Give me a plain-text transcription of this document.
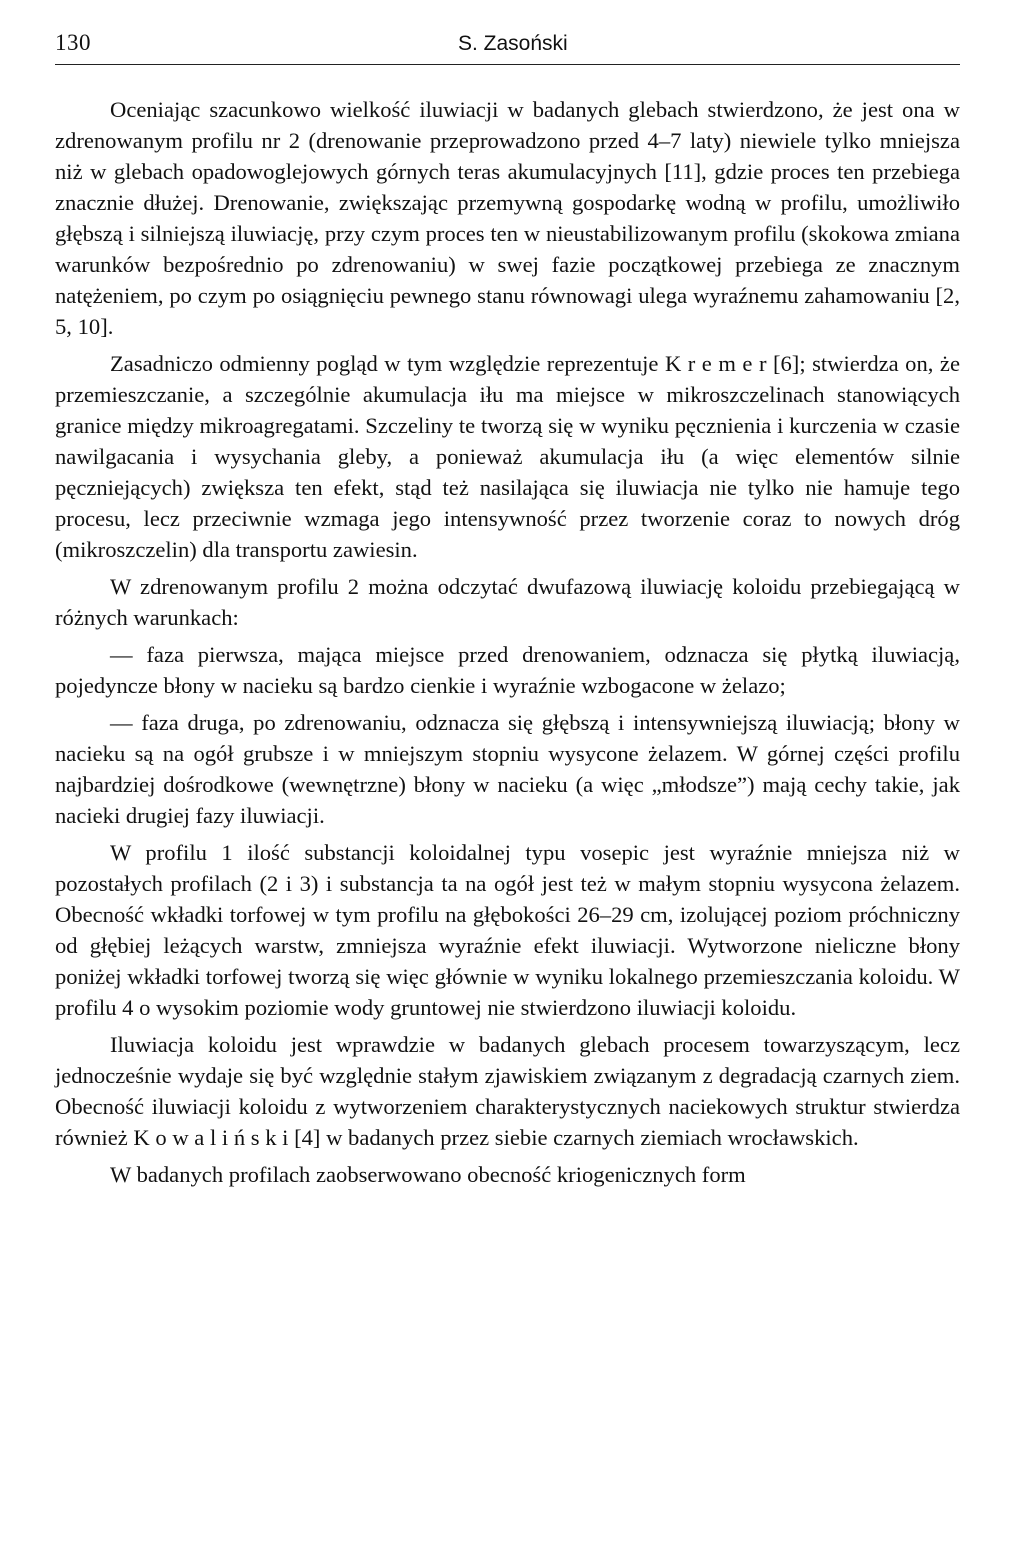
130	S. Zasoński

Oceniając szacunkowo wielkość iluwiacji w badanych glebach stwierdzono, że jest ona w zdrenowanym profilu nr 2 (drenowanie przeprowadzono przed 4–7 laty) niewiele tylko mniejsza niż w glebach opadowoglejowych górnych teras akumulacyjnych [11], gdzie proces ten przebiega znacznie dłużej. Drenowanie, zwiększając przemywną gospodarkę wodną w profilu, umożliwiło głębszą i silniejszą iluwiację, przy czym proces ten w nieustabilizowanym profilu (skokowa zmiana warunków bezpośrednio po zdrenowaniu) w swej fazie początkowej przebiega ze znacznym natężeniem, po czym po osiągnięciu pewnego stanu równowagi ulega wyraźnemu zahamowaniu [2, 5, 10].

Zasadniczo odmienny pogląd w tym względzie reprezentuje K r e m e r [6]; stwierdza on, że przemieszczanie, a szczególnie akumulacja iłu ma miejsce w mikroszczelinach stanowiących granice między mikroagregatami. Szczeliny te tworzą się w wyniku pęcznienia i kurczenia w czasie nawilgacania i wysychania gleby, a ponieważ akumulacja iłu (a więc elementów silnie pęczniejących) zwiększa ten efekt, stąd też nasilająca się iluwiacja nie tylko nie hamuje tego procesu, lecz przeciwnie wzmaga jego intensywność przez tworzenie coraz to nowych dróg (mikroszczelin) dla transportu zawiesin.

W zdrenowanym profilu 2 można odczytać dwufazową iluwiację koloidu przebiegającą w różnych warunkach:

— faza pierwsza, mająca miejsce przed drenowaniem, odznacza się płytką iluwiacją, pojedyncze błony w nacieku są bardzo cienkie i wyraźnie wzbogacone w żelazo;

— faza druga, po zdrenowaniu, odznacza się głębszą i intensywniejszą iluwiacją; błony w nacieku są na ogół grubsze i w mniejszym stopniu wysycone żelazem. W górnej części profilu najbardziej dośrodkowe (wewnętrzne) błony w nacieku (a więc „młodsze”) mają cechy takie, jak nacieki drugiej fazy iluwiacji.

W profilu 1 ilość substancji koloidalnej typu vosepic jest wyraźnie mniejsza niż w pozostałych profilach (2 i 3) i substancja ta na ogół jest też w małym stopniu wysycona żelazem. Obecność wkładki torfowej w tym profilu na głębokości 26–29 cm, izolującej poziom próchniczny od głębiej leżących warstw, zmniejsza wyraźnie efekt iluwiacji. Wytworzone nieliczne błony poniżej wkładki torfowej tworzą się więc głównie w wyniku lokalnego przemieszczania koloidu. W profilu 4 o wysokim poziomie wody gruntowej nie stwierdzono iluwiacji koloidu.

Iluwiacja koloidu jest wprawdzie w badanych glebach procesem towarzyszącym, lecz jednocześnie wydaje się być względnie stałym zjawiskiem związanym z degradacją czarnych ziem. Obecność iluwiacji koloidu z wytworzeniem charakterystycznych naciekowych struktur stwierdza również K o w a l i ń s k i [4] w badanych przez siebie czarnych ziemiach wrocławskich.

W badanych profilach zaobserwowano obecność kriogenicznych form
